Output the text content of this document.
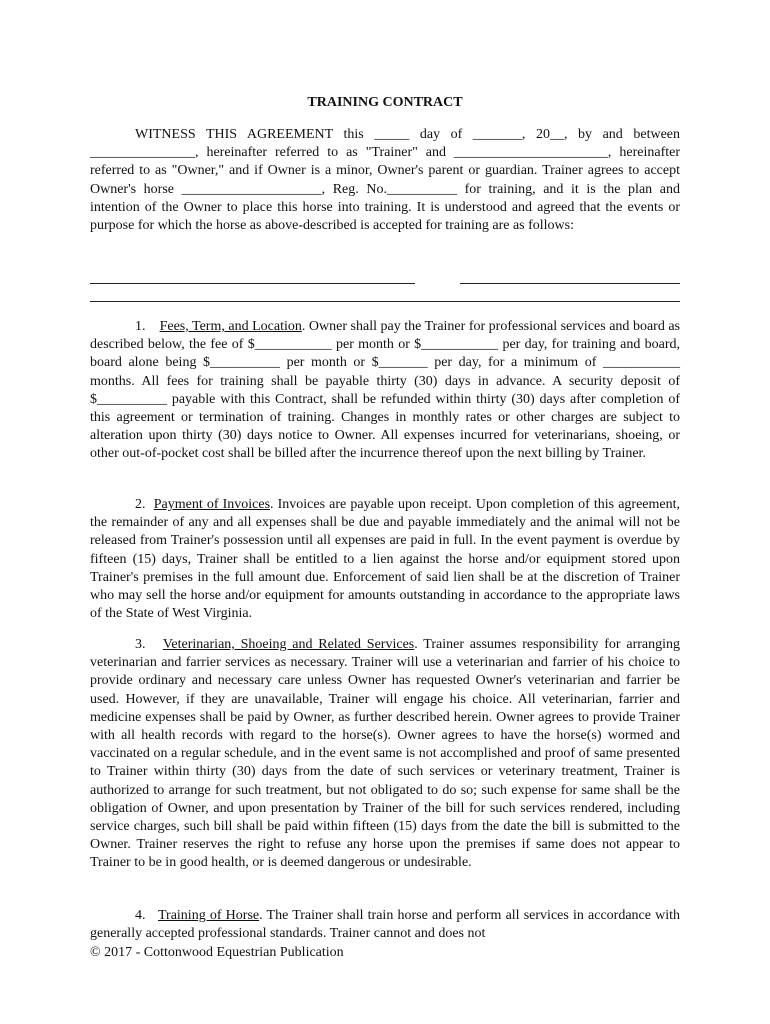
TRAINING CONTRACT
WITNESS THIS AGREEMENT this _____ day of _______, 20__, by and between _______________, hereinafter referred to as "Trainer" and ______________________, hereinafter referred to as "Owner," and if Owner is a minor, Owner's parent or guardian. Trainer agrees to accept Owner's horse ____________________, Reg. No.__________ for training, and it is the plan and intention of the Owner to place this horse into training. It is understood and agreed that the events or purpose for which the horse as above-described is accepted for training are as follows:
1. Fees, Term, and Location. Owner shall pay the Trainer for professional services and board as described below, the fee of $___________ per month or $___________ per day, for training and board, board alone being $__________ per month or $_______ per day, for a minimum of ___________ months. All fees for training shall be payable thirty (30) days in advance. A security deposit of $__________ payable with this Contract, shall be refunded within thirty (30) days after completion of this agreement or termination of training. Changes in monthly rates or other charges are subject to alteration upon thirty (30) days notice to Owner. All expenses incurred for veterinarians, shoeing, or other out-of-pocket cost shall be billed after the incurrence thereof upon the next billing by Trainer.
2. Payment of Invoices. Invoices are payable upon receipt. Upon completion of this agreement, the remainder of any and all expenses shall be due and payable immediately and the animal will not be released from Trainer's possession until all expenses are paid in full. In the event payment is overdue by fifteen (15) days, Trainer shall be entitled to a lien against the horse and/or equipment stored upon Trainer's premises in the full amount due. Enforcement of said lien shall be at the discretion of Trainer who may sell the horse and/or equipment for amounts outstanding in accordance to the appropriate laws of the State of West Virginia.
3. Veterinarian, Shoeing and Related Services. Trainer assumes responsibility for arranging veterinarian and farrier services as necessary. Trainer will use a veterinarian and farrier of his choice to provide ordinary and necessary care unless Owner has requested Owner's veterinarian and farrier be used. However, if they are unavailable, Trainer will engage his choice. All veterinarian, farrier and medicine expenses shall be paid by Owner, as further described herein. Owner agrees to provide Trainer with all health records with regard to the horse(s). Owner agrees to have the horse(s) wormed and vaccinated on a regular schedule, and in the event same is not accomplished and proof of same presented to Trainer within thirty (30) days from the date of such services or veterinary treatment, Trainer is authorized to arrange for such treatment, but not obligated to do so; such expense for same shall be the obligation of Owner, and upon presentation by Trainer of the bill for such services rendered, including service charges, such bill shall be paid within fifteen (15) days from the date the bill is submitted to the Owner. Trainer reserves the right to refuse any horse upon the premises if same does not appear to Trainer to be in good health, or is deemed dangerous or undesirable.
4. Training of Horse. The Trainer shall train horse and perform all services in accordance with generally accepted professional standards. Trainer cannot and does not
© 2017 - Cottonwood Equestrian Publication
